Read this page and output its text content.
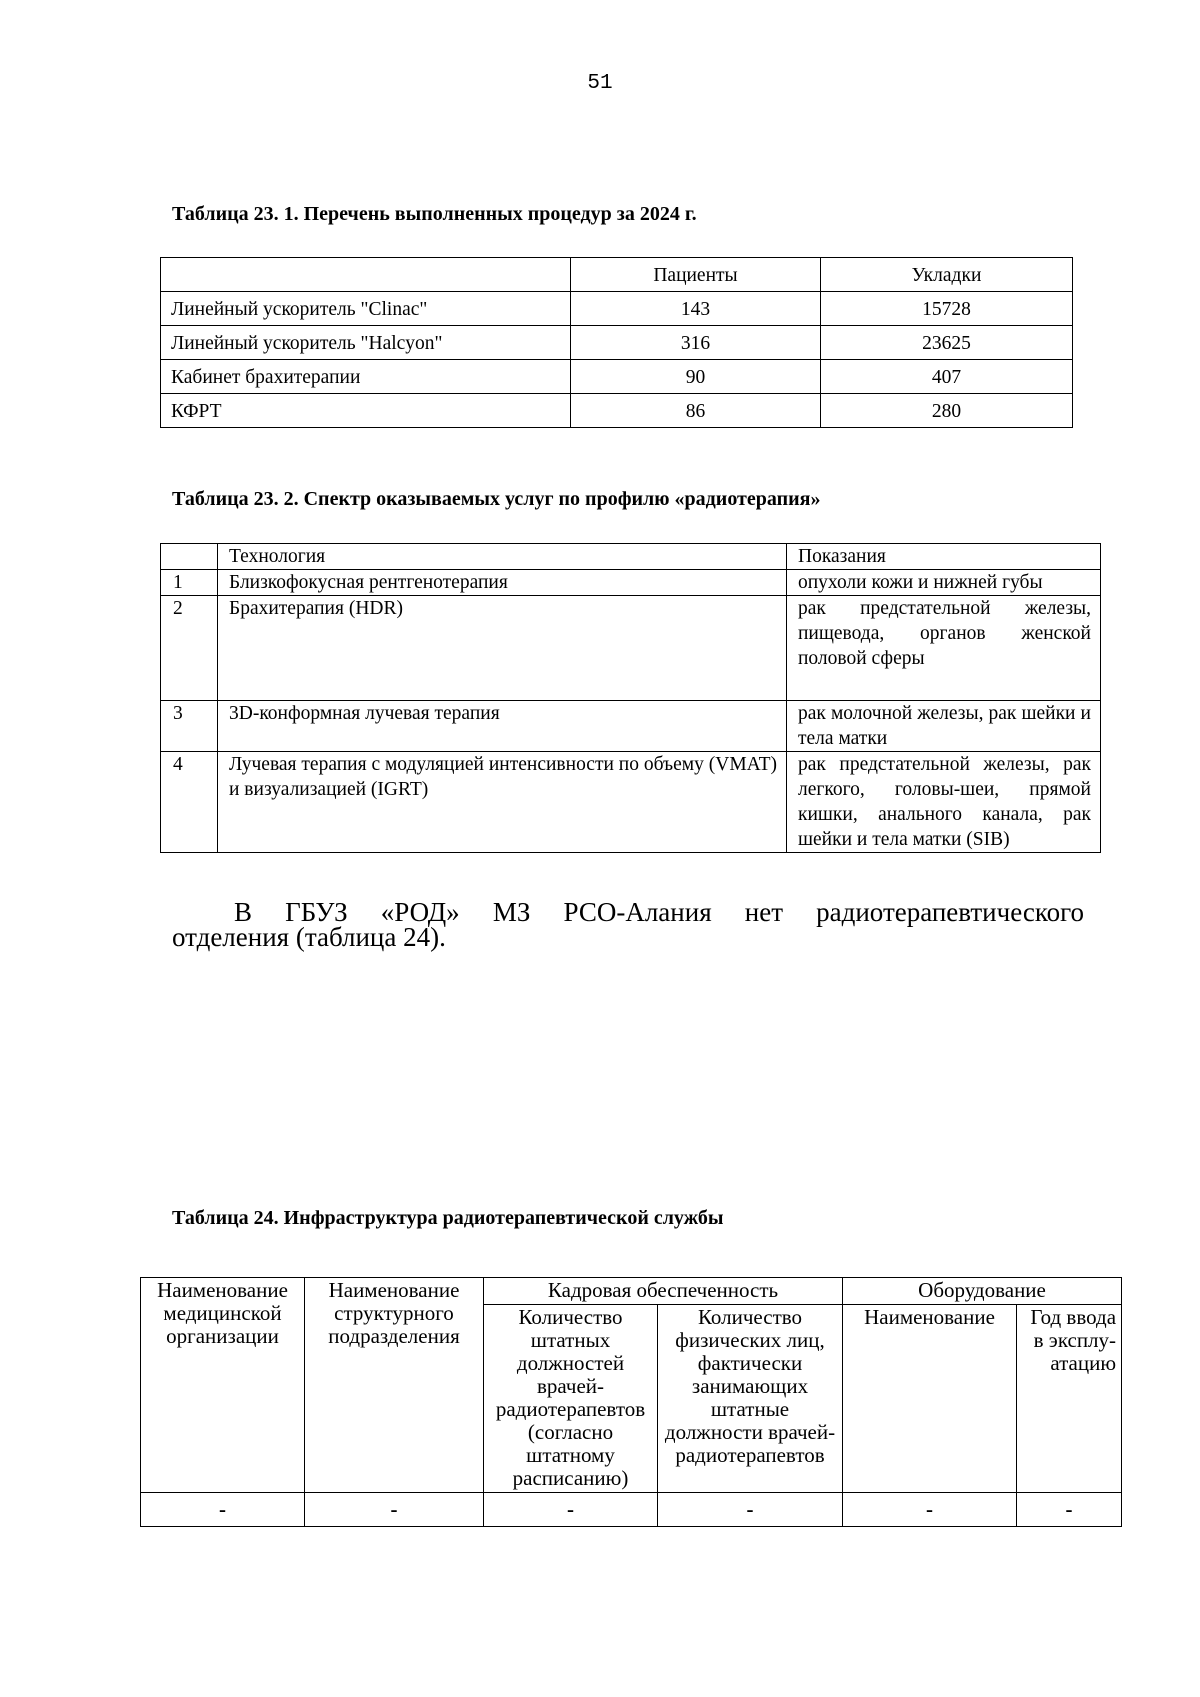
51
Таблица 23. 1. Перечень выполненных процедур за 2024 г.
	Пациенты	Укладки
Линейный ускоритель "Clinac"	143	15728
Линейный ускоритель "Halcyon"	316	23625
Кабинет брахитерапии	90	407
КФРТ	86	280
Таблица 23. 2. Спектр оказываемых услуг по профилю «радиотерапия»
	Технология	Показания
1	Близкофокусная рентгенотерапия	опухоли кожи и нижней губы
2	Брахитерапия (HDR)	рак предстательной железы, пищевода, органов женской половой сферы
3	3D-конформная лучевая терапия	рак молочной железы, рак шейки и тела матки
4	Лучевая терапия с модуляцией интенсивности по объему (VMAT) и визуализацией (IGRT)	рак предстательной железы, рак легкого, головы-шеи, прямой кишки, анального канала, рак шейки и тела матки (SIB)
В ГБУЗ «РОД» МЗ РСО-Алания нет радиотерапевтического
отделения (таблица 24).
Таблица 24. Инфраструктура радиотерапевтической службы
Наименование медицинской организации	Наименование структурного подразделения	Кадровая обеспеченность		Оборудование	
		Количество штатных должностей врачей-радиотерапевтов (согласно штатному расписанию)	Количество физических лиц, фактически занимающих штатные должности врачей-радиотерапевтов	Наименование	Год ввода в эксплу-атацию
-	-	-	-	-	-
